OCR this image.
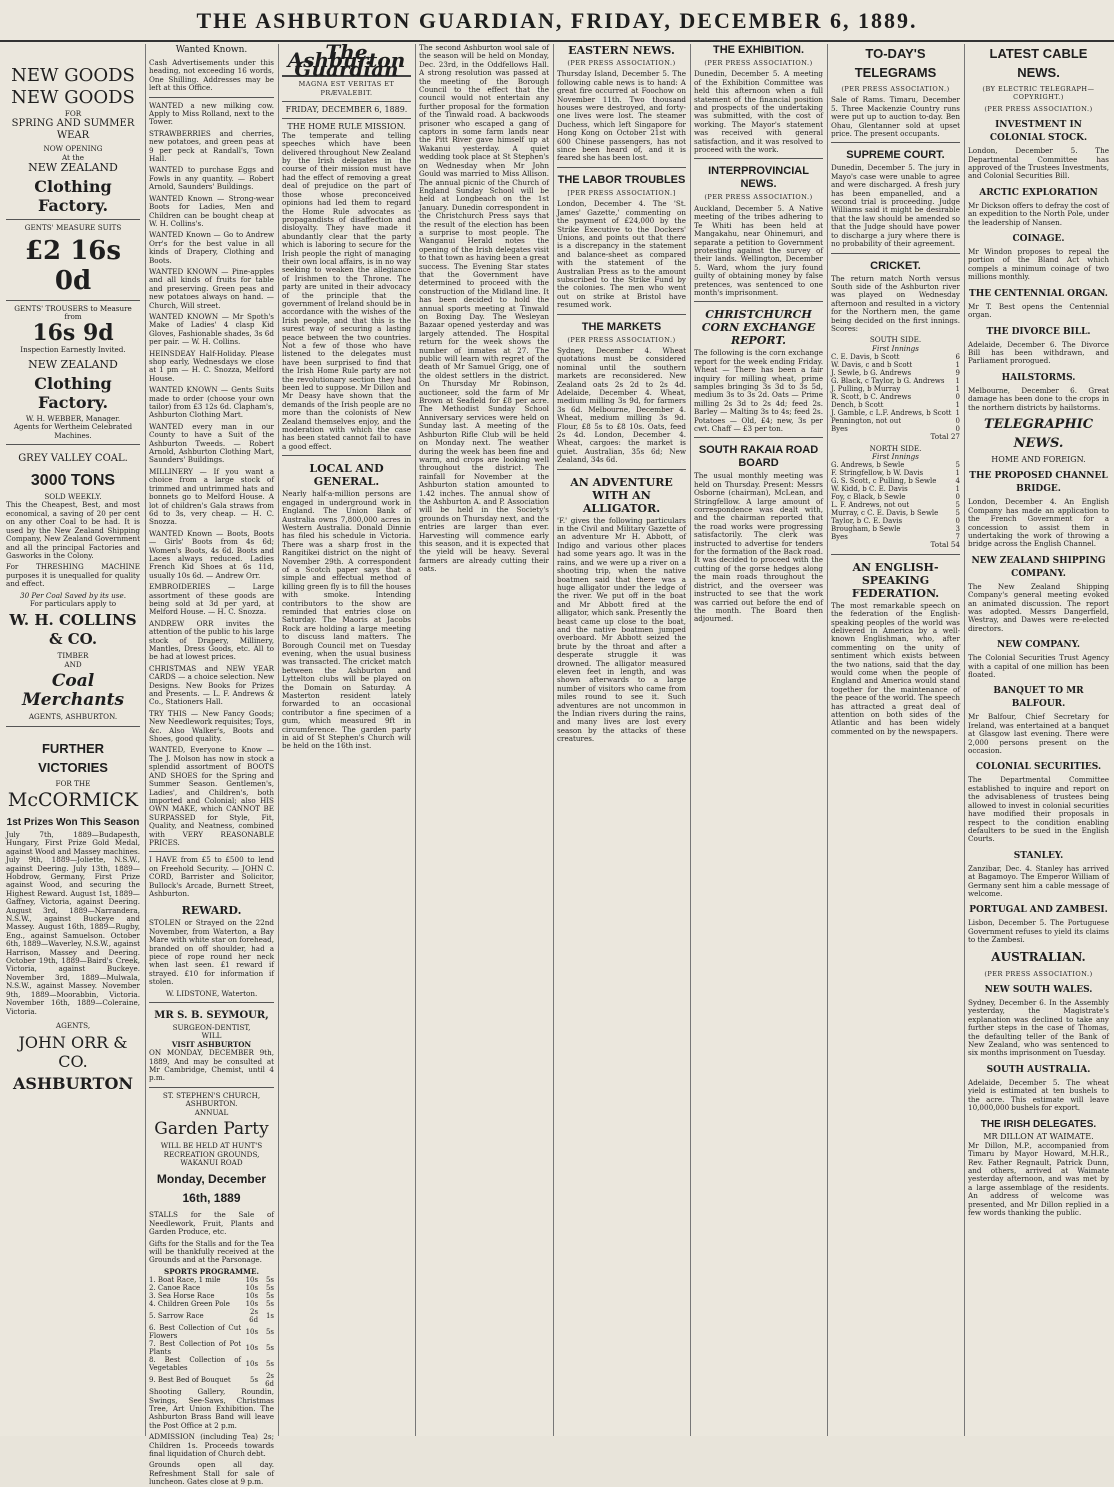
THE ASHBURTON GUARDIAN, FRIDAY, DECEMBER 6, 1889.
NEW GOODS
NEW GOODS
FOR
SPRING AND SUMMER WEAR
NOW OPENING
At the
NEW ZEALAND
Clothing Factory.
GENTS' MEASURE SUITS
£2 16s 0d
GENTS' TROUSERS to Measure from
16s 9d
Inspection Earnestly Invited.
NEW ZEALAND
Clothing Factory.
W. H. WEBBER, Manager.
Agents for Wertheim Celebrated Machines.
GREY VALLEY COAL.
3000 TONS
SOLD WEEKLY.

This the Cheapest, Best, and most economical, a saving of 20 per cent on any other Coal to be had. It is used by the New Zealand Shipping Company, New Zealand Government and all the principal Factories and Gasworks in the Colony.

For THRESHING MACHINE purposes it is unequalled for quality and effect.

30 Per Coal Saved by its use.
For particulars apply to
W. H. COLLINS & CO.
TIMBER
AND
Coal Merchants
AGENTS, ASHBURTON.
FURTHER VICTORIES
FOR THE
McCORMICK
1st Prizes Won This Season

July 7th, 1889—Budapesth, Hungary, First Prize Gold Medal, against Wood and Massey machines. July 9th, 1889—Joliette, N.S.W., against Deering. July 13th, 1889—Hobdrow, Germany, First Prize against Wood, and securing the Highest Reward. August 1st, 1889—Gaffney, Victoria, against Deering. August 3rd, 1889—Narrandera, N.S.W., against Buckeye and Massey. August 16th, 1889—Rugby, Eng., against Samuelson. October 6th, 1889—Waverley, N.S.W., against Harrison, Massey and Deering. October 19th, 1889—Baird's Creek, Victoria, against Buckeye. November 3rd, 1889—Mulwala, N.S.W., against Massey. November 9th, 1889—Moorabbin, Victoria. November 16th, 1889—Coleraine, Victoria.

AGENTS,
JOHN ORR & CO.
ASHBURTON
Wanted Known.

Cash Advertisements under this heading, not exceeding 16 words, One Shilling. Addresses may be left at this Office.

WANTED a new milking cow. Apply to Miss Rolland, next to the Tower.

STRAWBERRIES and cherries, new potatoes, and green peas at 9 per peck at Randall's, Town Hall.

WANTED to purchase Eggs and Fowls in any quantity. — Robert Arnold, Saunders' Buildings.

WANTED Known — Strong-wear Boots for Ladies, Men and Children can be bought cheap at W. H. Collins's.

WANTED Known — Go to Andrew Orr's for the best value in all kinds of Drapery, Clothing and Boots.

WANTED KNOWN — Pine-apples and all kinds of fruits for table and preserving. Green peas and new potatoes always on hand. — Church, Will street.

WANTED KNOWN — Mr Spoth's Make of Ladies' 4 clasp Kid Gloves, Fashionable shades, 3s 6d per pair. — W. H. Collins.

HEINSDEAY Half-Holiday. Please shop early, Wednesdays we close at 1 pm — H. C. Snozza, Melford House.

WANTED KNOWN — Gents Suits made to order (choose your own tailor) from £3 12s 6d. Clapham's, Ashburton Clothing Mart.

WANTED every man in our County to have a Suit of the Ashburton Tweeds. — Robert Arnold, Ashburton Clothing Mart, Saunders' Buildings.

MILLINERY — If you want a choice from a large stock of trimmed and untrimmed hats and bonnets go to Melford House. A lot of children's Gala straws from 6d to 3s, very cheap. — H. C. Snozza.

WANTED Known — Boots, Boots — Girls' Boots from 4s 6d; Women's Boots, 4s 6d. Boots and Laces always reduced. Ladies French Kid Shoes at 6s 11d, usually 10s 6d. — Andrew Orr.

EMBROIDERIES — Large assortment of these goods are being sold at 3d per yard, at Melford House. — H. C. Snozza.

ANDREW ORR invites the attention of the public to his large stock of Drapery, Millinery, Mantles, Dress Goods, etc. All to be had at lowest prices.

CHRISTMAS and NEW YEAR CARDS — a choice selection. New Designs. New Books for Prizes and Presents. — L. F. Andrews & Co., Stationers Hall.

TRY THIS — New Fancy Goods; New Needlework requisites; Toys, &c. Also Walker's, Boots and Shoes, good quality.

WANTED, Everyone to Know — The J. Molson has now in stock a splendid assortment of BOOTS AND SHOES for the Spring and Summer Season. Gentlemen's, Ladies', and Children's, both imported and Colonial; also HIS OWN MAKE, which CANNOT BE SURPASSED for Style, Fit, Quality, and Neatness, combined with VERY REASONABLE PRICES.

I HAVE from £5 to £500 to lend on Freehold Security. — JOHN C. CORD, Barrister and Solicitor, Bullock's Arcade, Burnett Street, Ashburton.

REWARD.

STOLEN or Strayed on the 22nd November, from Waterton, a Bay Mare with white star on forehead, branded on off shoulder, had a piece of rope round her neck when last seen. £1 reward if strayed. £10 for information if stolen.

W. LIDSTONE, Waterton.
MR S. B. SEYMOUR,
SURGEON-DENTIST,
WILL
VISIT ASHBURTON

ON MONDAY, DECEMBER 9th, 1889, And may be consulted at Mr Cambridge, Chemist, until 4 p.m.

ST. STEPHEN'S CHURCH, ASHBURTON.
ANNUAL
Garden Party
WILL BE HELD AT HUNT'S RECREATION GROUNDS, WAKANUI ROAD
Monday, December 16th, 1889

STALLS for the Sale of Needlework, Fruit, Plants and Garden Produce, etc.

Gifts for the Stalls and for the Tea will be thankfully received at the Grounds and at the Parsonage.

SPORTS PROGRAMME.
1. Boat Race, 1 mile	10s	5s
2. Canoe Race	10s	5s
3. Sea Horse Race	10s	5s
4. Children Green Pole	10s	5s
5. Sarrow Race	2s 6d	1s
6. Best Collection of Cut Flowers	10s	5s
7. Best Collection of Pot Plants	10s	5s
8. Best Collection of Vegetables	10s	5s
9. Best Bed of Bouquet	5s	2s 6d

Shooting Gallery, Roundin, Swings, See-Saws, Christmas Tree, Art Union Exhibition. The Ashburton Brass Band will leave the Post Office at 2 p.m.

ADMISSION (including Tea) 2s; Children 1s. Proceeds towards final liquidation of Church debt.

Grounds open all day. Refreshment Stall for sale of luncheon. Gates close at 9 p.m.

The Ashburton Guardian
MAGNA EST VERITAS ET PRÆVALEBIT.
FRIDAY, DECEMBER 6, 1889.
THE HOME RULE MISSION.

The temperate and telling speeches which have been delivered throughout New Zealand by the Irish delegates in the course of their mission must have had the effect of removing a great deal of prejudice on the part of those whose preconceived opinions had led them to regard the Home Rule advocates as propagandists of disaffection and disloyalty. They have made it abundantly clear that the party which is laboring to secure for the Irish people the right of managing their own local affairs, is in no way seeking to weaken the allegiance of Irishmen to the Throne. The party are united in their advocacy of the principle that the government of Ireland should be in accordance with the wishes of the Irish people, and that this is the surest way of securing a lasting peace between the two countries. Not a few of those who have listened to the delegates must have been surprised to find that the Irish Home Rule party are not the revolutionary section they had been led to suppose. Mr Dillon and Mr Deasy have shown that the demands of the Irish people are no more than the colonists of New Zealand themselves enjoy, and the moderation with which the case has been stated cannot fail to have a good effect.

LOCAL AND GENERAL.

Nearly half-a-million persons are engaged in underground work in England. The Union Bank of Australia owns 7,800,000 acres in Western Australia. Donald Dinnie has filed his schedule in Victoria. There was a sharp frost in the Rangitikei district on the night of November 29th. A correspondent of a Scotch paper says that a simple and effectual method of killing green fly is to fill the houses with smoke. Intending contributors to the show are reminded that entries close on Saturday. The Maoris at Jacobs Rock are holding a large meeting to discuss land matters. The Borough Council met on Tuesday evening, when the usual business was transacted. The cricket match between the Ashburton and Lyttelton clubs will be played on the Domain on Saturday. A Masterton resident lately forwarded to an occasional contributor a fine specimen of a gum, which measured 9ft in circumference. The garden party in aid of St Stephen's Church will be held on the 16th inst.

The second Ashburton wool sale of the season will be held on Monday, Dec. 23rd, in the Oddfellows Hall. A strong resolution was passed at the meeting of the Borough Council to the effect that the council would not entertain any further proposal for the formation of the Tinwald road. A backwoods prisoner who escaped a gang of captors in some farm lands near the Pitt River gave himself up at Wakanui yesterday. A quiet wedding took place at St Stephen's on Wednesday when Mr John Gould was married to Miss Allison. The annual picnic of the Church of England Sunday School will be held at Longbeach on the 1st January. Dunedin correspondent in the Christchurch Press says that the result of the election has been a surprise to most people. The Wanganui Herald notes the opening of the Irish delegates visit to that town as having been a great success. The Evening Star states that the Government have determined to proceed with the construction of the Midland line. It has been decided to hold the annual sports meeting at Tinwald on Boxing Day. The Wesleyan Bazaar opened yesterday and was largely attended. The Hospital return for the week shows the number of inmates at 27. The public will learn with regret of the death of Mr Samuel Grigg, one of the oldest settlers in the district. On Thursday Mr Robinson, auctioneer, sold the farm of Mr Brown at Seafield for £8 per acre. The Methodist Sunday School Anniversary services were held on Sunday last. A meeting of the Ashburton Rifle Club will be held on Monday next. The weather during the week has been fine and warm, and crops are looking well throughout the district. The rainfall for November at the Ashburton station amounted to 1.42 inches. The annual show of the Ashburton A. and P. Association will be held in the Society's grounds on Thursday next, and the entries are larger than ever. Harvesting will commence early this season, and it is expected that the yield will be heavy. Several farmers are already cutting their oats.

EASTERN NEWS.
(PER PRESS ASSOCIATION.)

Thursday Island, December 5. The following cable news is to hand: A great fire occurred at Foochow on November 11th. Two thousand houses were destroyed, and forty-one lives were lost. The steamer Duchess, which left Singapore for Hong Kong on October 21st with 600 Chinese passengers, has not since been heard of, and it is feared she has been lost.

THE LABOR TROUBLES
[PER PRESS ASSOCIATION.]

London, December 4. The 'St. James' Gazette,' commenting on the payment of £24,000 by the Strike Executive to the Dockers' Unions, and points out that there is a discrepancy in the statement and balance-sheet as compared with the statement of the Australian Press as to the amount subscribed to the Strike Fund by the colonies. The men who went out on strike at Bristol have resumed work.

THE MARKETS
(PER PRESS ASSOCIATION.)

Sydney, December 4. Wheat quotations must be considered nominal until the southern markets are reconsidered. New Zealand oats 2s 2d to 2s 4d. Adelaide, December 4. Wheat, medium milling 3s 9d, for farmers 3s 6d. Melbourne, December 4. Wheat, medium milling 3s 9d. Flour, £8 5s to £8 10s. Oats, feed 2s 4d. London, December 4. Wheat, cargoes: the market is quiet. Australian, 35s 6d; New Zealand, 34s 6d.

AN ADVENTURE WITH AN ALLIGATOR.

'F.' gives the following particulars in the Civil and Military Gazette of an adventure Mr H. Abbott, of Indigo and various other places had some years ago. It was in the rains, and we were up a river on a shooting trip, when the native boatmen said that there was a huge alligator under the ledge of the river. We put off in the boat and Mr Abbott fired at the alligator, which sank. Presently the beast came up close to the boat, and the native boatmen jumped overboard. Mr Abbott seized the brute by the throat and after a desperate struggle it was drowned. The alligator measured eleven feet in length, and was shown afterwards to a large number of visitors who came from miles round to see it. Such adventures are not uncommon in the Indian rivers during the rains, and many lives are lost every season by the attacks of these creatures.

THE EXHIBITION.
(PER PRESS ASSOCIATION.)

Dunedin, December 5. A meeting of the Exhibition Committee was held this afternoon when a full statement of the financial position and prospects of the undertaking was submitted, with the cost of working. The Mayor's statement was received with general satisfaction, and it was resolved to proceed with the work.

INTERPROVINCIAL NEWS.
(PER PRESS ASSOCIATION.)

Auckland, December 5. A Native meeting of the tribes adhering to Te Whiti has been held at Mangakahu, near Ohinemuri, and separate a petition to Government protesting against the survey of their lands. Wellington, December 5. Ward, whom the jury found guilty of obtaining money by false pretences, was sentenced to one month's imprisonment.

CHRISTCHURCH CORN EXCHANGE REPORT.

The following is the corn exchange report for the week ending Friday. Wheat — There has been a fair inquiry for milling wheat, prime samples bringing 3s 3d to 3s 5d, medium 3s to 3s 2d. Oats — Prime milling 2s 3d to 2s 4d; feed 2s. Barley — Malting 3s to 4s; feed 2s. Potatoes — Old, £4; new, 3s per cwt. Chaff — £3 per ton.

SOUTH RAKAIA ROAD BOARD

The usual monthly meeting was held on Thursday. Present: Messrs Osborne (chairman), McLean, and Stringfellow. A large amount of correspondence was dealt with, and the chairman reported that the road works were progressing satisfactorily. The clerk was instructed to advertise for tenders for the formation of the Back road. It was decided to proceed with the cutting of the gorse hedges along the main roads throughout the district, and the overseer was instructed to see that the work was carried out before the end of the month. The Board then adjourned.

TO-DAY'S TELEGRAMS
(PER PRESS ASSOCIATION.)

Sale of Rams. Timaru, December 5. Three Mackenzie Country runs were put up to auction to-day. Ben Ohau, Glentanner sold at upset price. The present occupants.

SUPREME COURT.

Dunedin, December 5. The jury in Mayo's case were unable to agree and were discharged. A fresh jury has been empanelled, and a second trial is proceeding. Judge Williams said it might be desirable that the law should be amended so that the Judge should have power to discharge a jury where there is no probability of their agreement.

CRICKET.

The return match North versus South side of the Ashburton river was played on Wednesday afternoon and resulted in a victory for the Northern men, the game being decided on the first innings. Scores:

SOUTH SIDE.
First Innings
C. E. Davis, b Scott	6
W. Davis, c and b Scott	1
J. Sewle, b G. Andrews	9
G. Black, c Taylor, b G. Andrews	1
J. Pulling, b Murray	1
R. Scott, b C. Andrews	0
Dench, b Scott	1
J. Gamble, c L.F. Andrews, b Scott	1
Pennington, not out	0
Byes	0
Total 27
NORTH SIDE.
First Innings
G. Andrews, b Sewle	5
F. Stringfellow, b W. Davis	1
G. S. Scott, c Pulling, b Sewle	4
W. Kidd, b C. E. Davis	1
Foy, c Black, b Sewle	0
L. F. Andrews, not out	5
Murray, c C. E. Davis, b Sewle	5
Taylor, b C. E. Davis	0
Brougham, b Sewle	3
Byes	7
Total 54
AN ENGLISH-SPEAKING FEDERATION.

The most remarkable speech on the federation of the English-speaking peoples of the world was delivered in America by a well-known Englishman, who, after commenting on the unity of sentiment which exists between the two nations, said that the day would come when the people of England and America would stand together for the maintenance of the peace of the world. The speech has attracted a great deal of attention on both sides of the Atlantic and has been widely commented on by the newspapers.

LATEST CABLE NEWS.
(BY ELECTRIC TELEGRAPH—COPYRIGHT.)
(PER PRESS ASSOCIATION.)
INVESTMENT IN COLONIAL STOCK.

London, December 5. The Departmental Committee has approved of the Trustees Investments, and Colonial Securities Bill.

ARCTIC EXPLORATION

Mr Dickson offers to defray the cost of an expedition to the North Pole, under the leadership of Nansen.

COINAGE.

Mr Windon proposes to repeal the portion of the Bland Act which compels a minimum coinage of two millions monthly.

THE CENTENNIAL ORGAN.

Mr T. Best opens the Centennial organ.

THE DIVORCE BILL.

Adelaide, December 6. The Divorce Bill has been withdrawn, and Parliament prorogued.

HAILSTORMS.

Melbourne, December 6. Great damage has been done to the crops in the northern districts by hailstorms.

TELEGRAPHIC NEWS.
HOME AND FOREIGN.
THE PROPOSED CHANNEL BRIDGE.

London, December 4. An English Company has made an application to the French Government for a concession to assist them in undertaking the work of throwing a bridge across the English Channel.

NEW ZEALAND SHIPPING COMPANY.

The New Zealand Shipping Company's general meeting evoked an animated discussion. The report was adopted. Messrs Dangerfield, Westray, and Dawes were re-elected directors.

NEW COMPANY.

The Colonial Securities Trust Agency with a capital of one million has been floated.

BANQUET TO MR BALFOUR.

Mr Balfour, Chief Secretary for Ireland, was entertained at a banquet at Glasgow last evening. There were 2,000 persons present on the occasion.

COLONIAL SECURITIES.

The Departmental Committee established to inquire and report on the advisableness of trustees being allowed to invest in colonial securities have modified their proposals in respect to the condition enabling defaulters to be sued in the English Courts.

STANLEY.

Zanzibar, Dec. 4. Stanley has arrived at Bagamoyo. The Emperor William of Germany sent him a cable message of welcome.

PORTUGAL AND ZAMBESI.

Lisbon, December 5. The Portuguese Government refuses to yield its claims to the Zambesi.

AUSTRALIAN.
(PER PRESS ASSOCIATION.)
NEW SOUTH WALES.

Sydney, December 6. In the Assembly yesterday, the Magistrate's explanation was declined to take any further steps in the case of Thomas, the defaulting teller of the Bank of New Zealand, who was sentenced to six months imprisonment on Tuesday.

SOUTH AUSTRALIA.

Adelaide, December 5. The wheat yield is estimated at ten bushels to the acre. This estimate will leave 10,000,000 bushels for export.

THE IRISH DELEGATES.
MR DILLON AT WAIMATE.

Mr Dillon, M.P., accompanied from Timaru by Mayor Howard, M.H.R., Rev. Father Regnault, Patrick Dunn, and others, arrived at Waimate yesterday afternoon, and was met by a large assemblage of the residents. An address of welcome was presented, and Mr Dillon replied in a few words thanking the public.
